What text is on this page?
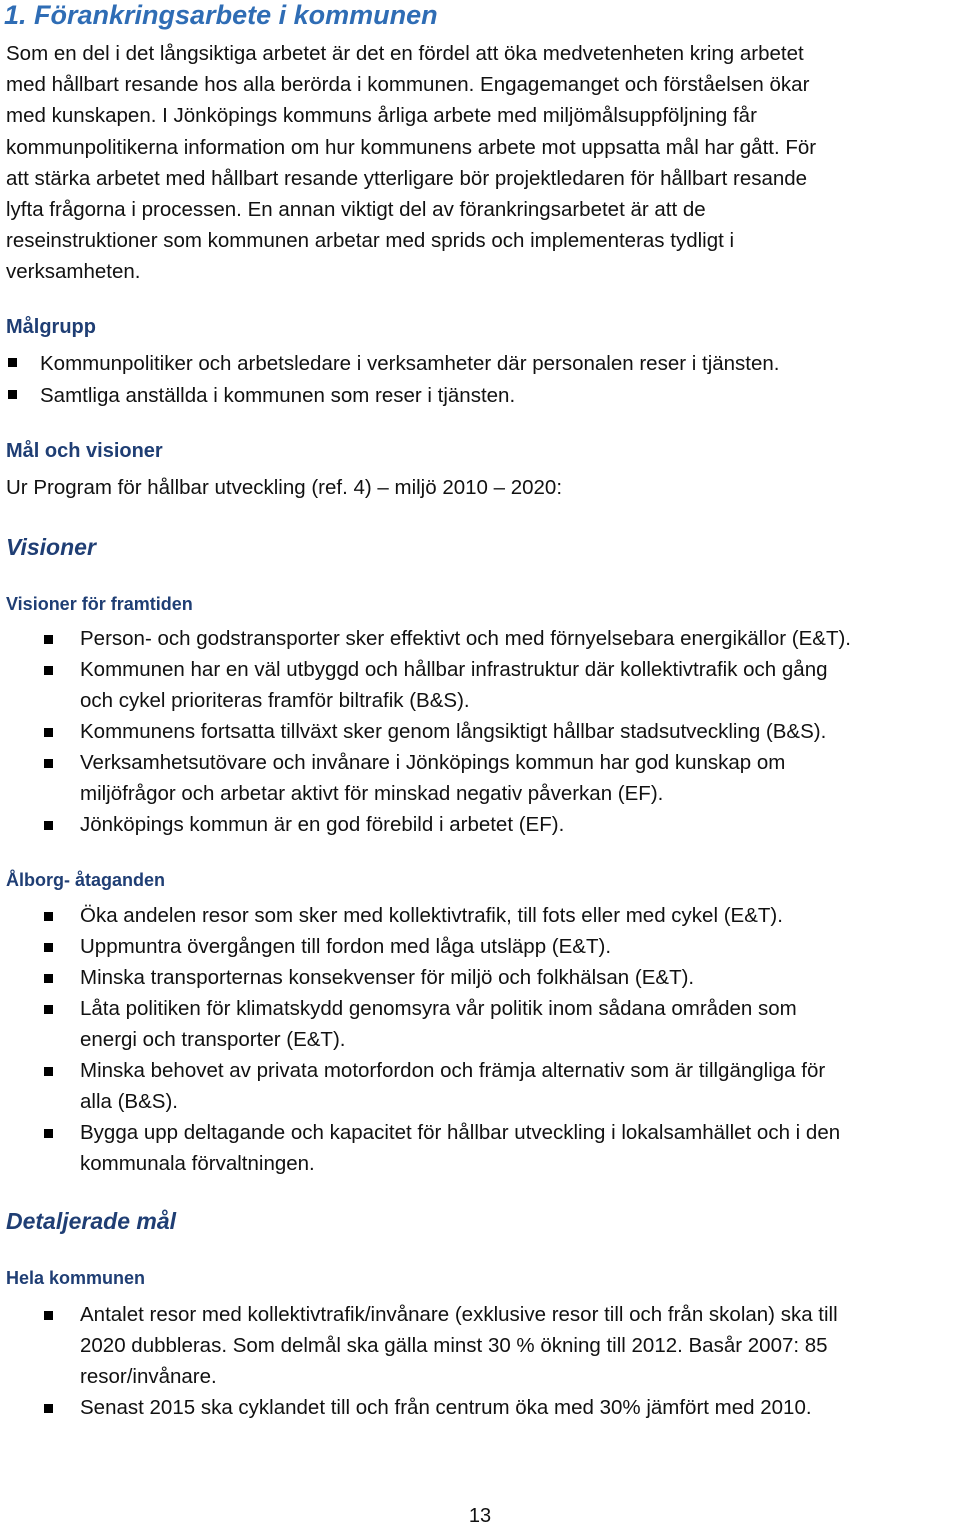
1. Förankringsarbete i kommunen
Som en del i det långsiktiga arbetet är det en fördel att öka medvetenheten kring arbetet
med hållbart resande hos alla berörda i kommunen. Engagemanget och förståelsen ökar
med kunskapen. I Jönköpings kommuns årliga arbete med miljömålsuppföljning får
kommunpolitikerna information om hur kommunens arbete mot uppsatta mål har gått. För
att stärka arbetet med hållbart resande ytterligare bör projektledaren för hållbart resande
lyfta frågorna i processen. En annan viktigt del av förankringsarbetet är att de
reseinstruktioner som kommunen arbetar med sprids och implementeras tydligt i
verksamheten.
Målgrupp
Kommunpolitiker och arbetsledare i verksamheter där personalen reser i tjänsten.
Samtliga anställda i kommunen som reser i tjänsten.
Mål och visioner
Ur Program för hållbar utveckling (ref. 4) – miljö 2010 – 2020:
Visioner
Visioner för framtiden
Person- och godstransporter sker effektivt och med förnyelsebara energikällor (E&T).
Kommunen har en väl utbyggd och hållbar infrastruktur där kollektivtrafik och gång
och cykel prioriteras framför biltrafik (B&S).
Kommunens fortsatta tillväxt sker genom långsiktigt hållbar stadsutveckling (B&S).
Verksamhetsutövare och invånare i Jönköpings kommun har god kunskap om
miljöfrågor och arbetar aktivt för minskad negativ påverkan (EF).
Jönköpings kommun är en god förebild i arbetet (EF).
Ålborg- åtaganden
Öka andelen resor som sker med kollektivtrafik, till fots eller med cykel (E&T).
Uppmuntra övergången till fordon med låga utsläpp (E&T).
Minska transporternas konsekvenser för miljö och folkhälsan (E&T).
Låta politiken för klimatskydd genomsyra vår politik inom sådana områden som
energi och transporter (E&T).
Minska behovet av privata motorfordon och främja alternativ som är tillgängliga för
alla (B&S).
Bygga upp deltagande och kapacitet för hållbar utveckling i lokalsamhället och i den
kommunala förvaltningen.
Detaljerade mål
Hela kommunen
Antalet resor med kollektivtrafik/invånare (exklusive resor till och från skolan) ska till
2020 dubbleras. Som delmål ska gälla minst 30 % ökning till 2012. Basår 2007: 85
resor/invånare.
Senast 2015 ska cyklandet till och från centrum öka med 30% jämfört med 2010.
13
